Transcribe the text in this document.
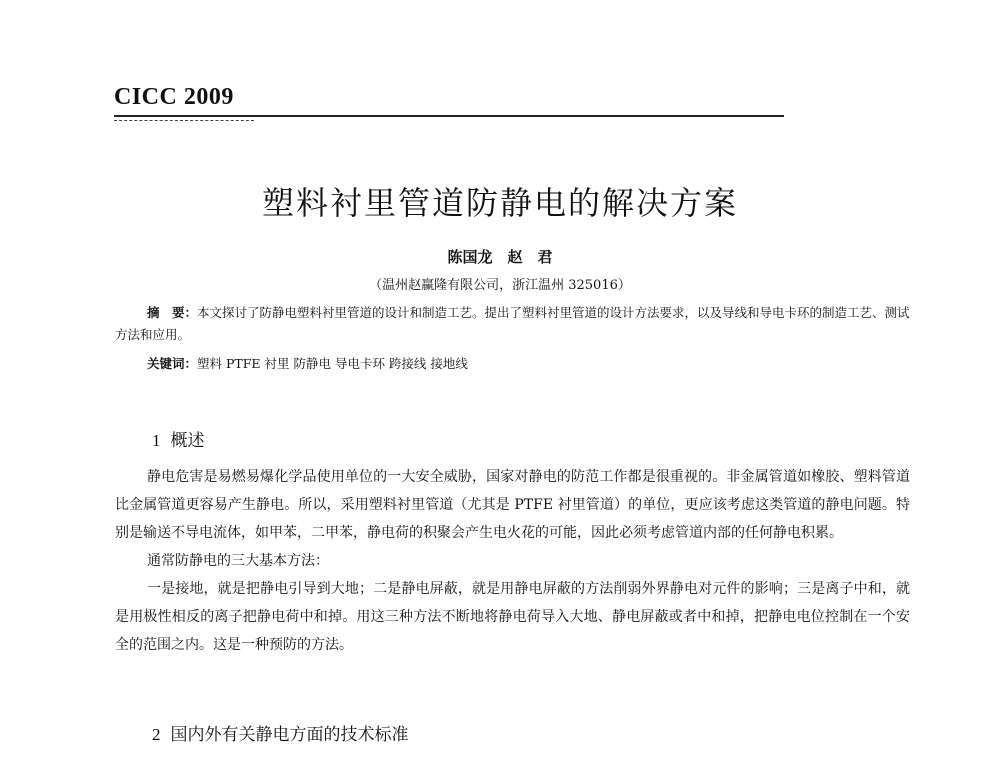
CICC 2009
塑料衬里管道防静电的解决方案
陈国龙　赵　君
（温州赵赢隆有限公司，浙江温州 325016）
摘　要：本文探讨了防静电塑料衬里管道的设计和制造工艺。提出了塑料衬里管道的设计方法要求，以及导线和导电卡环的制造工艺、测试方法和应用。
关键词：塑料 PTFE 衬里 防静电 导电卡环 跨接线 接地线
1 概述

静电危害是易燃易爆化学品使用单位的一大安全威胁，国家对静电的防范工作都是很重视的。非金属管道如橡胶、塑料管道比金属管道更容易产生静电。所以，采用塑料衬里管道（尤其是 PTFE 衬里管道）的单位，更应该考虑这类管道的静电问题。特别是输送不导电流体，如甲苯，二甲苯，静电荷的积聚会产生电火花的可能，因此必须考虑管道内部的任何静电积累。

通常防静电的三大基本方法：

一是接地，就是把静电引导到大地；二是静电屏蔽，就是用静电屏蔽的方法削弱外界静电对元件的影响；三是离子中和，就是用极性相反的离子把静电荷中和掉。用这三种方法不断地将静电荷导入大地、静电屏蔽或者中和掉，把静电电位控制在一个安全的范围之内。这是一种预防的方法。

2 国内外有关静电方面的技术标准
